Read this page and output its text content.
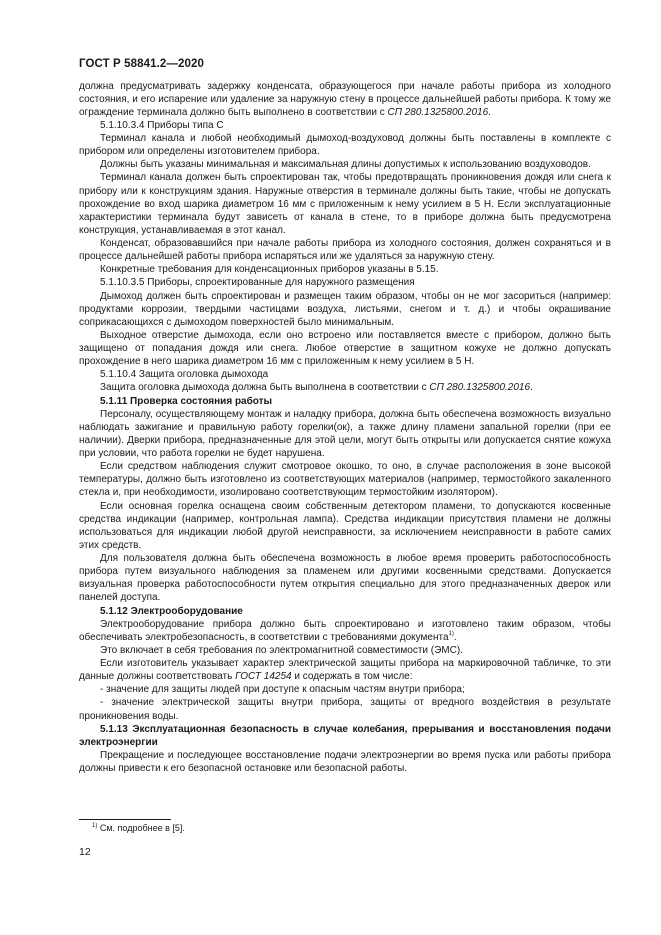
ГОСТ Р 58841.2—2020

должна предусматривать задержку конденсата, образующегося при начале работы прибора из холодного состояния, и его испарение или удаление за наружную стену в процессе дальнейшей работы прибора. К тому же ограждение терминала должно быть выполнено в соответствии с СП 280.1325800.2016.

5.1.10.3.4 Приборы типа С

Терминал канала и любой необходимый дымоход-воздуховод должны быть поставлены в комплекте с прибором или определены изготовителем прибора.

Должны быть указаны минимальная и максимальная длины допустимых к использованию воздуховодов.

Терминал канала должен быть спроектирован так, чтобы предотвращать проникновения дождя или снега к прибору или к конструкциям здания. Наружные отверстия в терминале должны быть такие, чтобы не допускать прохождение во вход шарика диаметром 16 мм с приложенным к нему усилием в 5 Н. Если эксплуатационные характеристики терминала будут зависеть от канала в стене, то в приборе должна быть предусмотрена конструкция, устанавливаемая в этот канал.

Конденсат, образовавшийся при начале работы прибора из холодного состояния, должен сохраняться и в процессе дальнейшей работы прибора испаряться или же удаляться за наружную стену.

Конкретные требования для конденсационных приборов указаны в 5.15.

5.1.10.3.5 Приборы, спроектированные для наружного размещения

Дымоход должен быть спроектирован и размещен таким образом, чтобы он не мог засориться (например: продуктами коррозии, твердыми частицами воздуха, листьями, снегом и т. д.) и чтобы окрашивание соприкасающихся с дымоходом поверхностей было минимальным.

Выходное отверстие дымохода, если оно встроено или поставляется вместе с прибором, должно быть защищено от попадания дождя или снега. Любое отверстие в защитном кожухе не должно допускать прохождение в него шарика диаметром 16 мм с приложенным к нему усилием в 5 Н.

5.1.10.4 Защита оголовка дымохода

Защита оголовка дымохода должна быть выполнена в соответствии с СП 280.1325800.2016.

5.1.11 Проверка состояния работы

Персоналу, осуществляющему монтаж и наладку прибора, должна быть обеспечена возможность визуально наблюдать зажигание и правильную работу горелки(ок), а также длину пламени запальной горелки (при ее наличии). Дверки прибора, предназначенные для этой цели, могут быть открыты или допускается снятие кожуха при условии, что работа горелки не будет нарушена.

Если средством наблюдения служит смотровое окошко, то оно, в случае расположения в зоне высокой температуры, должно быть изготовлено из соответствующих материалов (например, термостойкого закаленного стекла и, при необходимости, изолировано соответствующим термостойким изолятором).

Если основная горелка оснащена своим собственным детектором пламени, то допускаются косвенные средства индикации (например, контрольная лампа). Средства индикации присутствия пламени не должны использоваться для индикации любой другой неисправности, за исключением неисправности в работе самих этих средств.

Для пользователя должна быть обеспечена возможность в любое время проверить работоспособность прибора путем визуального наблюдения за пламенем или другими косвенными средствами. Допускается визуальная проверка работоспособности путем открытия специально для этого предназначенных дверок или панелей доступа.

5.1.12 Электрооборудование

Электрооборудование прибора должно быть спроектировано и изготовлено таким образом, чтобы обеспечивать электробезопасность, в соответствии с требованиями документа$^{1)}$.

Это включает в себя требования по электромагнитной совместимости (ЭМС).

Если изготовитель указывает характер электрической защиты прибора на маркировочной табличке, то эти данные должны соответствовать ГОСТ 14254 и содержать в том числе:

- значение для защиты людей при доступе к опасным частям внутри прибора;

- значение электрической защиты внутри прибора, защиты от вредного воздействия в результате проникновения воды.

5.1.13 Эксплуатационная безопасность в случае колебания, прерывания и восстановления подачи электроэнергии

Прекращение и последующее восстановление подачи электроэнергии во время пуска или работы прибора должны привести к его безопасной остановке или безопасной работы.

$^{1)}$ См. подробнее в [5].
12
